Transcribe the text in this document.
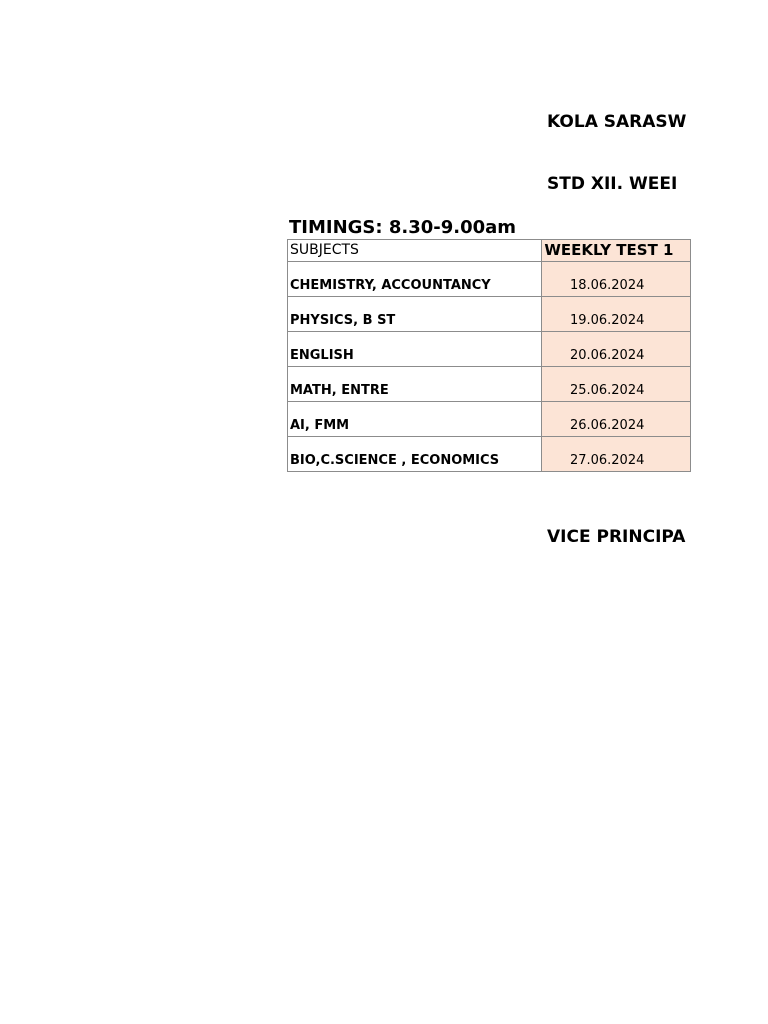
KOLA SARASW
STD XII. WEEI
TIMINGS: 8.30-9.00am
SUBJECTS	WEEKLY TEST 1
CHEMISTRY, ACCOUNTANCY	18.06.2024
PHYSICS, B ST	19.06.2024
ENGLISH	20.06.2024
MATH, ENTRE	25.06.2024
AI, FMM	26.06.2024
BIO,C.SCIENCE , ECONOMICS	27.06.2024
VICE PRINCIPA
